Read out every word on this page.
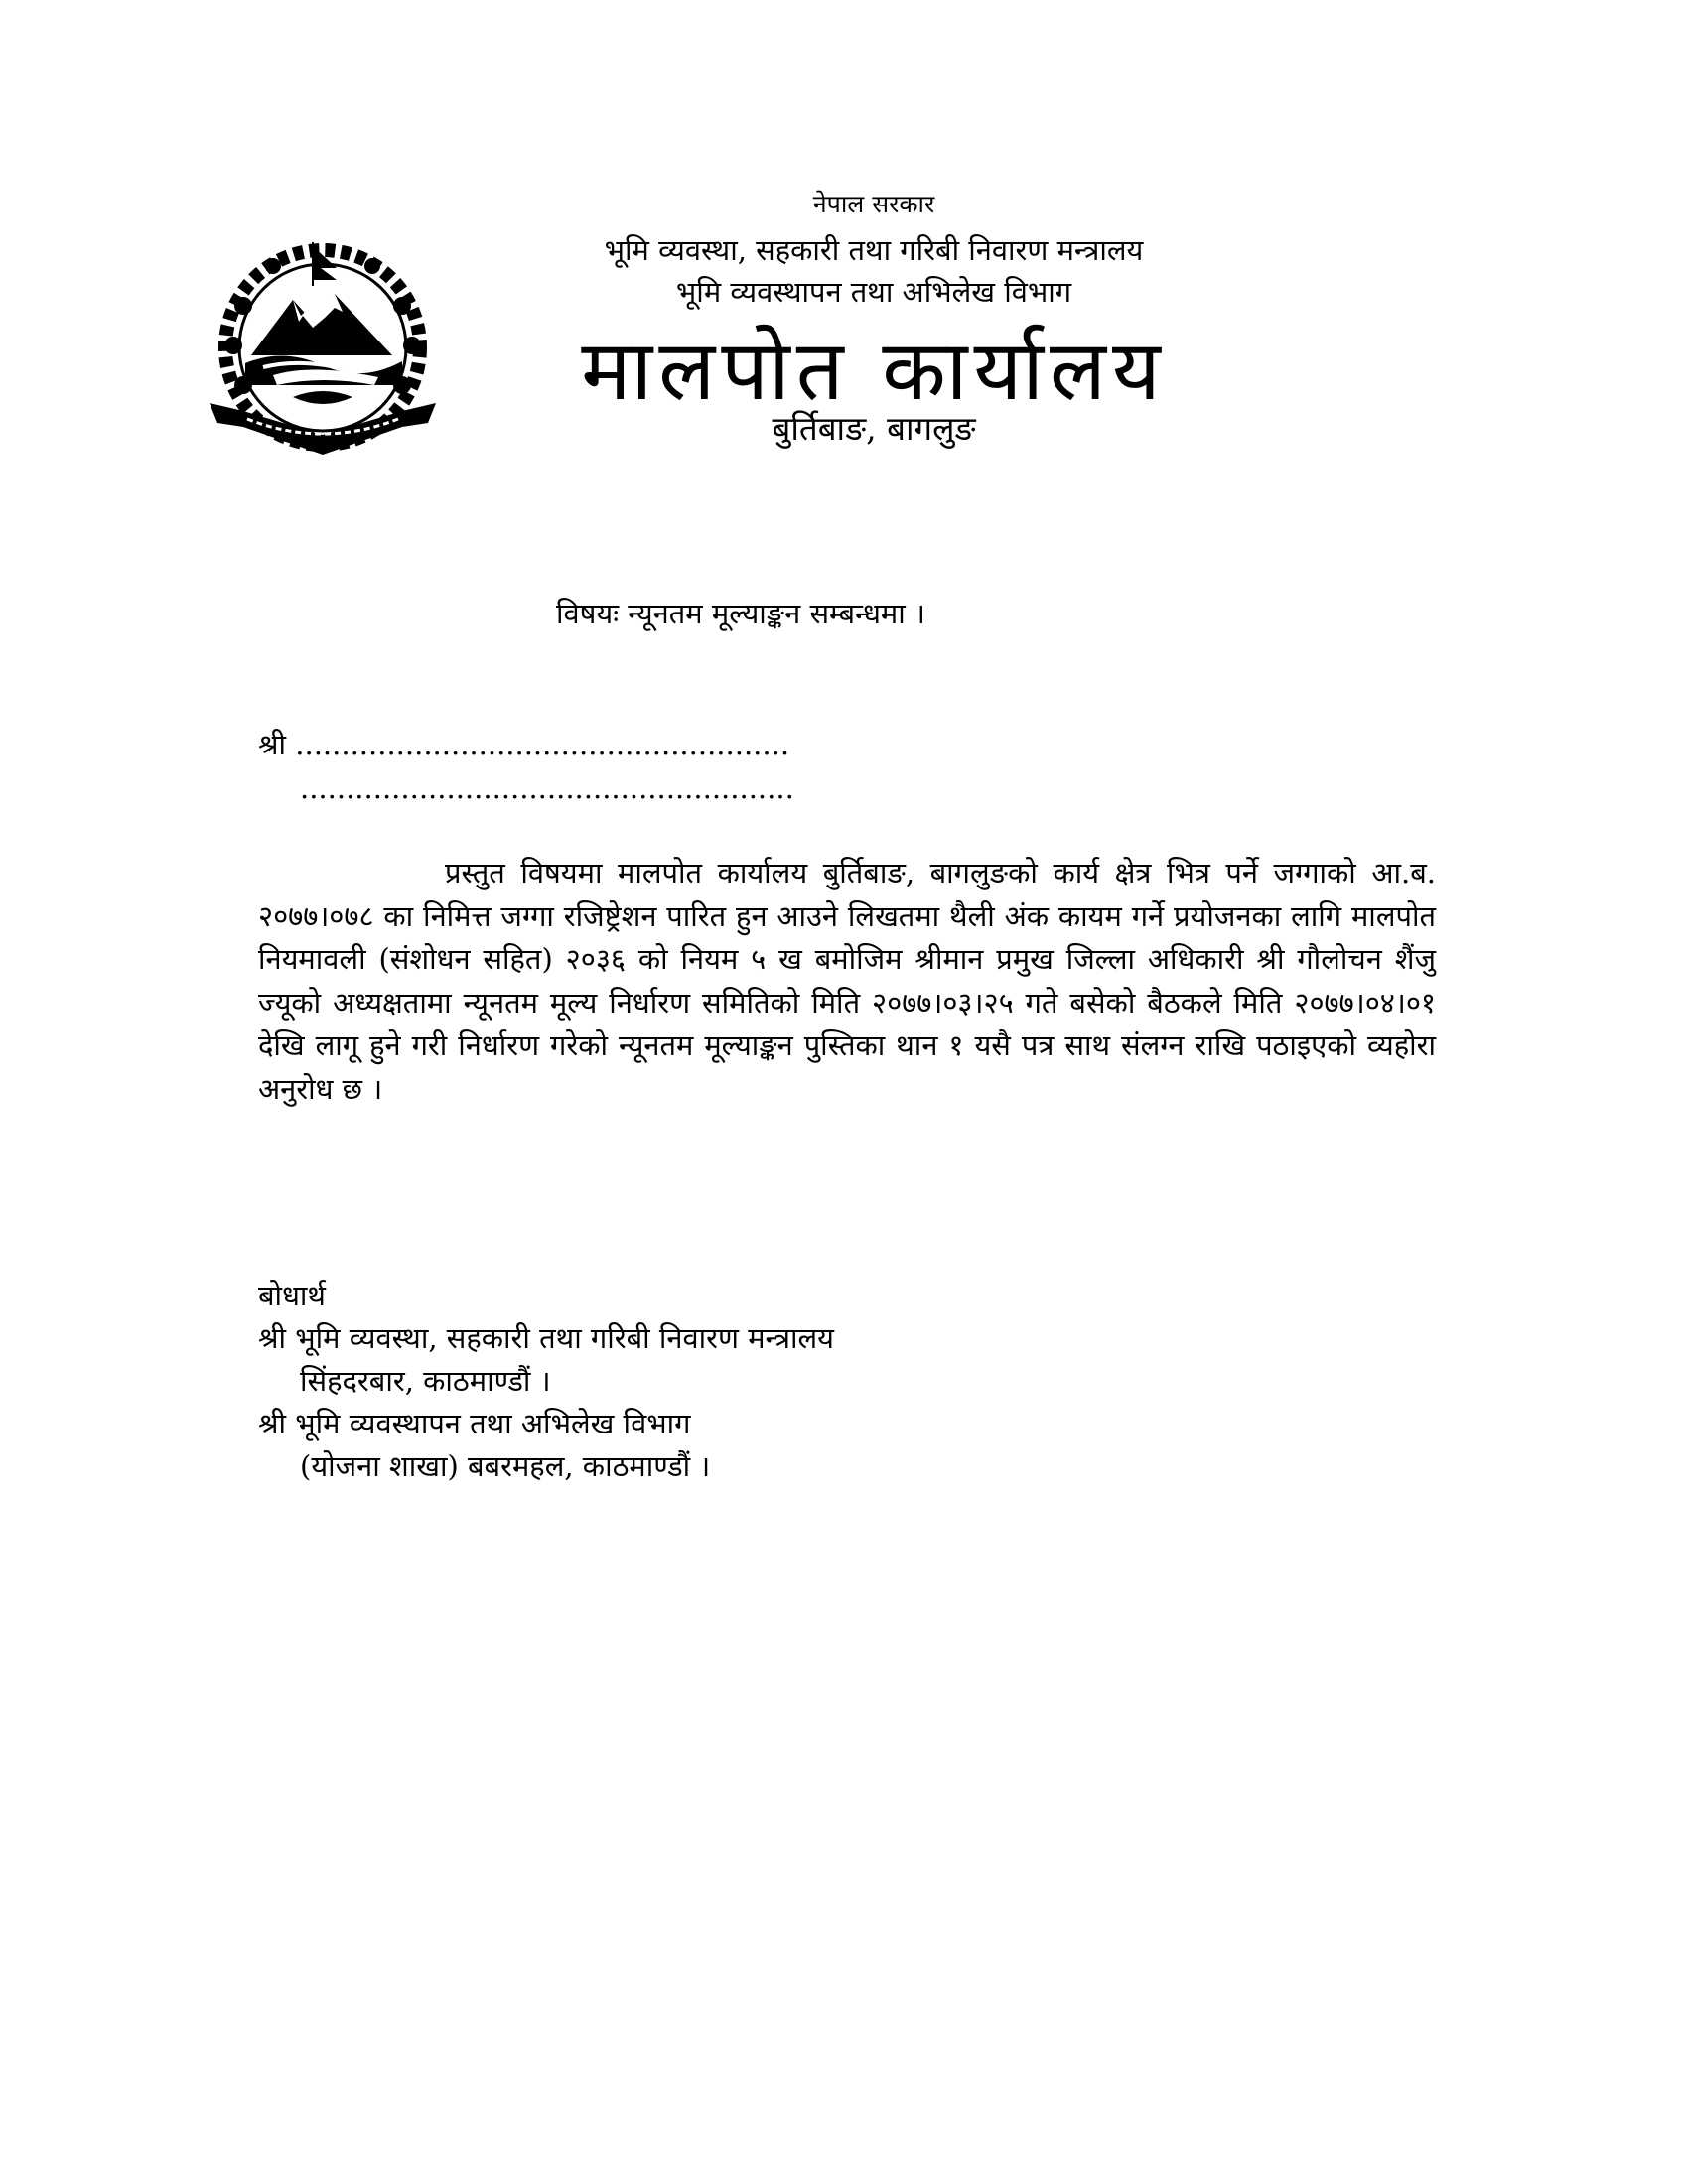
नेपाल सरकार
भूमि व्यवस्था, सहकारी तथा गरिबी निवारण मन्त्रालय
भूमि व्यवस्थापन तथा अभिलेख विभाग
मालपोत कार्यालय
बुर्तिबाङ, बागलुङ
विषयः न्यूनतम मूल्याङ्कन सम्बन्धमा ।
श्री ......................................................
......................................................
प्रस्तुत विषयमा मालपोत कार्यालय बुर्तिबाङ, बागलुङको कार्य क्षेत्र भित्र पर्ने जग्गाको आ.ब. २०७७।०७८ का निमित्त जग्गा रजिष्ट्रेशन पारित हुन आउने लिखतमा थैली अंक कायम गर्ने प्रयोजनका लागि मालपोत नियमावली (संशोधन सहित) २०३६ को नियम ५ ख बमोजिम श्रीमान प्रमुख जिल्ला अधिकारी श्री गौलोचन शैंजु ज्यूको अध्यक्षतामा न्यूनतम मूल्य निर्धारण समितिको मिति २०७७।०३।२५ गते बसेको बैठकले मिति २०७७।०४।०१ देखि लागू हुने गरी निर्धारण गरेको न्यूनतम मूल्याङ्कन पुस्तिका थान १ यसै पत्र साथ संलग्न राखि पठाइएको व्यहोरा अनुरोध छ ।
बोधार्थ
श्री भूमि व्यवस्था, सहकारी तथा गरिबी निवारण मन्त्रालय
सिंहदरबार, काठमाण्डौं ।
श्री भूमि व्यवस्थापन तथा अभिलेख विभाग
(योजना शाखा) बबरमहल, काठमाण्डौं ।
